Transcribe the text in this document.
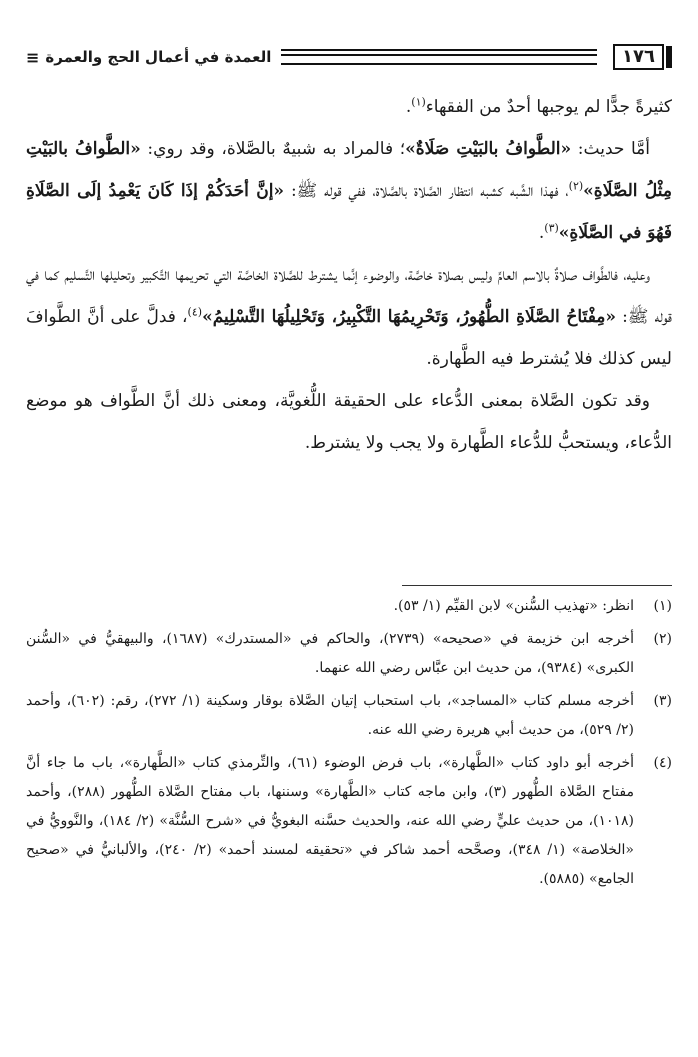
١٧٦
العمدة في أعمال الحج والعمرة
≡

كثيرةً جدًّا لم يوجبها أحدٌ من الفقهاء$^{(١)}$.

أمَّا حديث: «الطَّوافُ بالبَيْتِ صَلَاةٌ»؛ فالمراد به شبيهٌ بالصَّلاة، وقد روي: «الطَّوافُ بالبَيْتِ مِثْلُ الصَّلَاةِ»$^{(٢)}$، فهذا الشَّبه كشبه انتظار الصَّلاة بالصَّلاة، ففي قوله ﷺ: «إنَّ أحَدَكُمْ إذَا كَانَ يَعْمِدُ إلَى الصَّلَاةِ فَهُوَ في الصَّلَاةِ»$^{(٣)}$.

وعليه، فالطَّواف صلاةٌ بالاسم العامِّ وليس بصلاة خاصَّة، والوضوء إنَّما يشترط للصَّلاة الخاصَّة التي تحريمها التَّكبير وتحليلها التَّسليم كما في قوله ﷺ: «مِفْتَاحُ الصَّلَاةِ الطُّهُورُ، وَتَحْرِيمُهَا التَّكْبِيرُ، وَتَحْلِيلُهَا التَّسْلِيمُ»$^{(٤)}$، فدلَّ على أنَّ الطَّوافَ ليس كذلك فلا يُشترط فيه الطَّهارة.

وقد تكون الصَّلاة بمعنى الدُّعاء على الحقيقة اللُّغويَّة، ومعنى ذلك أنَّ الطَّواف هو موضع الدُّعاء، ويستحبُّ للدُّعاء الطَّهارة ولا يجب ولا يشترط.

(١)
انظر: «تهذيب السُّنن» لابن القيِّم (١/ ٥٣).
(٢)
أخرجه ابن خزيمة في «صحيحه» (٢٧٣٩)، والحاكم في «المستدرك» (١٦٨٧)، والبيهقيُّ في «السُّنن الكبرى» (٩٣٨٤)، من حديث ابن عبَّاس رضي الله عنهما.
(٣)
أخرجه مسلم كتاب «المساجد»، باب استحباب إتيان الصَّلاة بوقار وسكينة (١/ ٢٧٢)، رقم: (٦٠٢)، وأحمد (٢/ ٥٢٩)، من حديث أبي هريرة رضي الله عنه.
(٤)
أخرجه أبو داود كتاب «الطَّهارة»، باب فرض الوضوء (٦١)، والتِّرمذي كتاب «الطَّهارة»، باب ما جاء أنَّ مفتاح الصَّلاة الطُّهور (٣)، وابن ماجه كتاب «الطَّهارة» وسننها، باب مفتاح الصَّلاة الطُّهور (٢٨٨)، وأحمد (١٠١٨)، من حديث عليٍّ رضي الله عنه، والحديث حسَّنه البغويُّ في «شرح السُّنَّة» (٢/ ١٨٤)، والنَّوويُّ في «الخلاصة» (١/ ٣٤٨)، وصحَّحه أحمد شاكر في «تحقيقه لمسند أحمد» (٢/ ٢٤٠)، والألبانيُّ في «صحيح الجامع» (٥٨٨٥).
